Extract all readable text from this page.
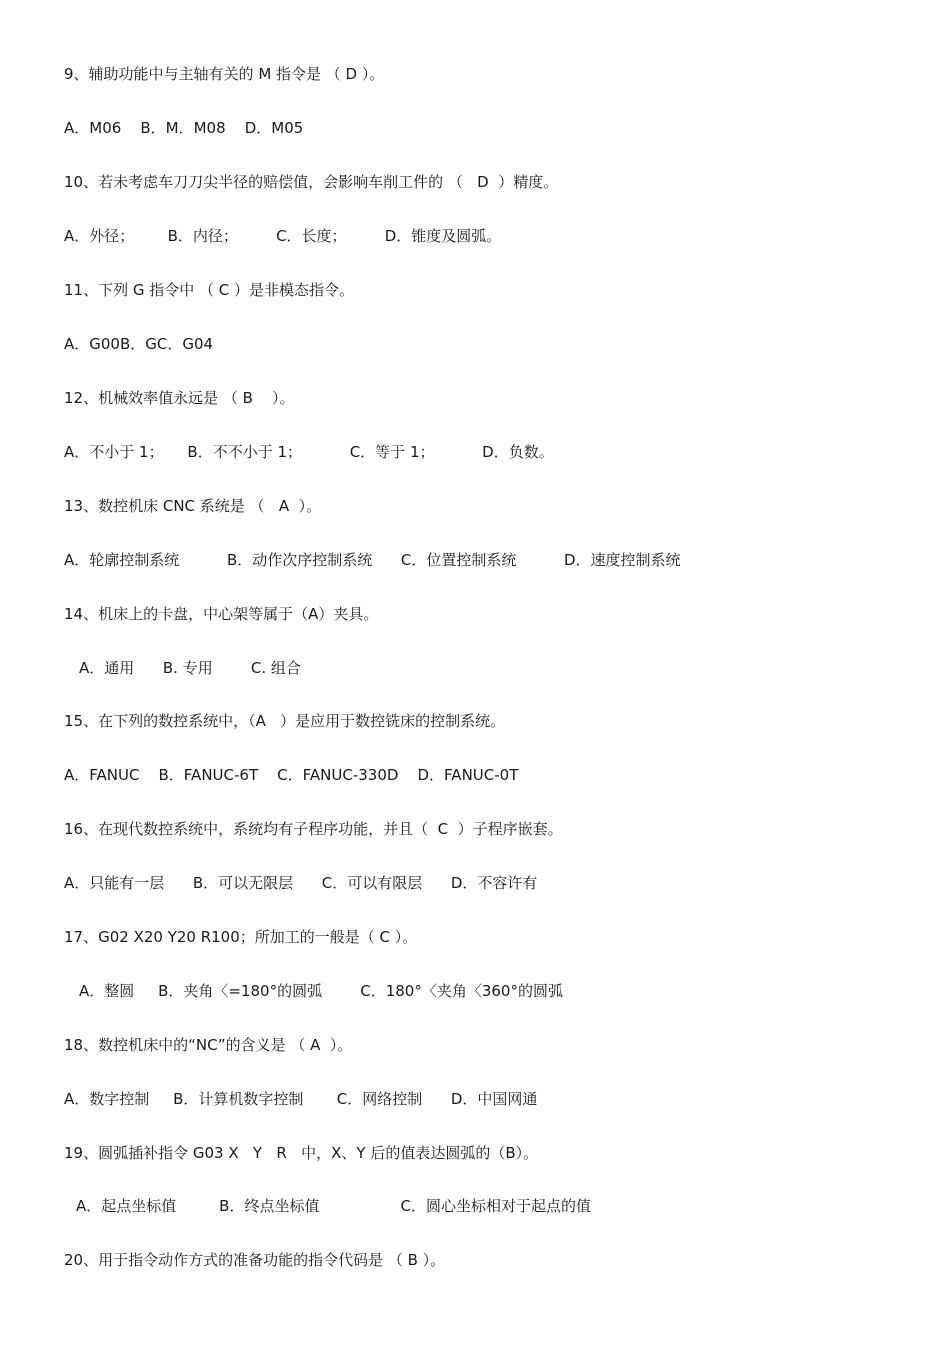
9、辅助功能中与主轴有关的 M 指令是 （ D ）。
A．M06    B．M．M08    D．M05
10、若未考虑车刀刀尖半径的赔偿值，会影响车削工件的 （   D  ）精度。
A．外径；       B．内径；        C．长度；        D．锥度及圆弧。
11、下列 G 指令中 （ C ）是非模态指令。
A．G00B．GC．G04
12、机械效率值永远是 （ B    ）。
A．不小于 1；     B．不不小于 1；          C．等于 1；          D．负数。
13、数控机床 CNC 系统是 （   A  ）。
A．轮廓控制系统          B．动作次序控制系统      C．位置控制系统          D．速度控制系统
14、机床上的卡盘，中心架等属于（A）夹具。
A．通用      B. 专用        C. 组合
15、在下列的数控系统中，（A   ）是应用于数控铣床的控制系统。
A．FANUC    B．FANUC-6T    C．FANUC-330D    D．FANUC-0T
16、在现代数控系统中，系统均有子程序功能，并且（  C  ）子程序嵌套。
A．只能有一层      B．可以无限层      C．可以有限层      D．不容许有
17、G02 X20 Y20 R100；所加工的一般是（ C ）。
A．整圆     B．夹角〈=180°的圆弧        C．180°〈夹角〈360°的圆弧
18、数控机床中的“NC”的含义是 （ A  ）。
A．数字控制     B．计算机数字控制       C．网络控制      D．中国网通
19、圆弧插补指令 G03 X   Y   R   中，X、Y 后的值表达圆弧的（B）。
A．起点坐标值         B．终点坐标值                 C．圆心坐标相对于起点的值
20、用于指令动作方式的准备功能的指令代码是 （ B ）。
